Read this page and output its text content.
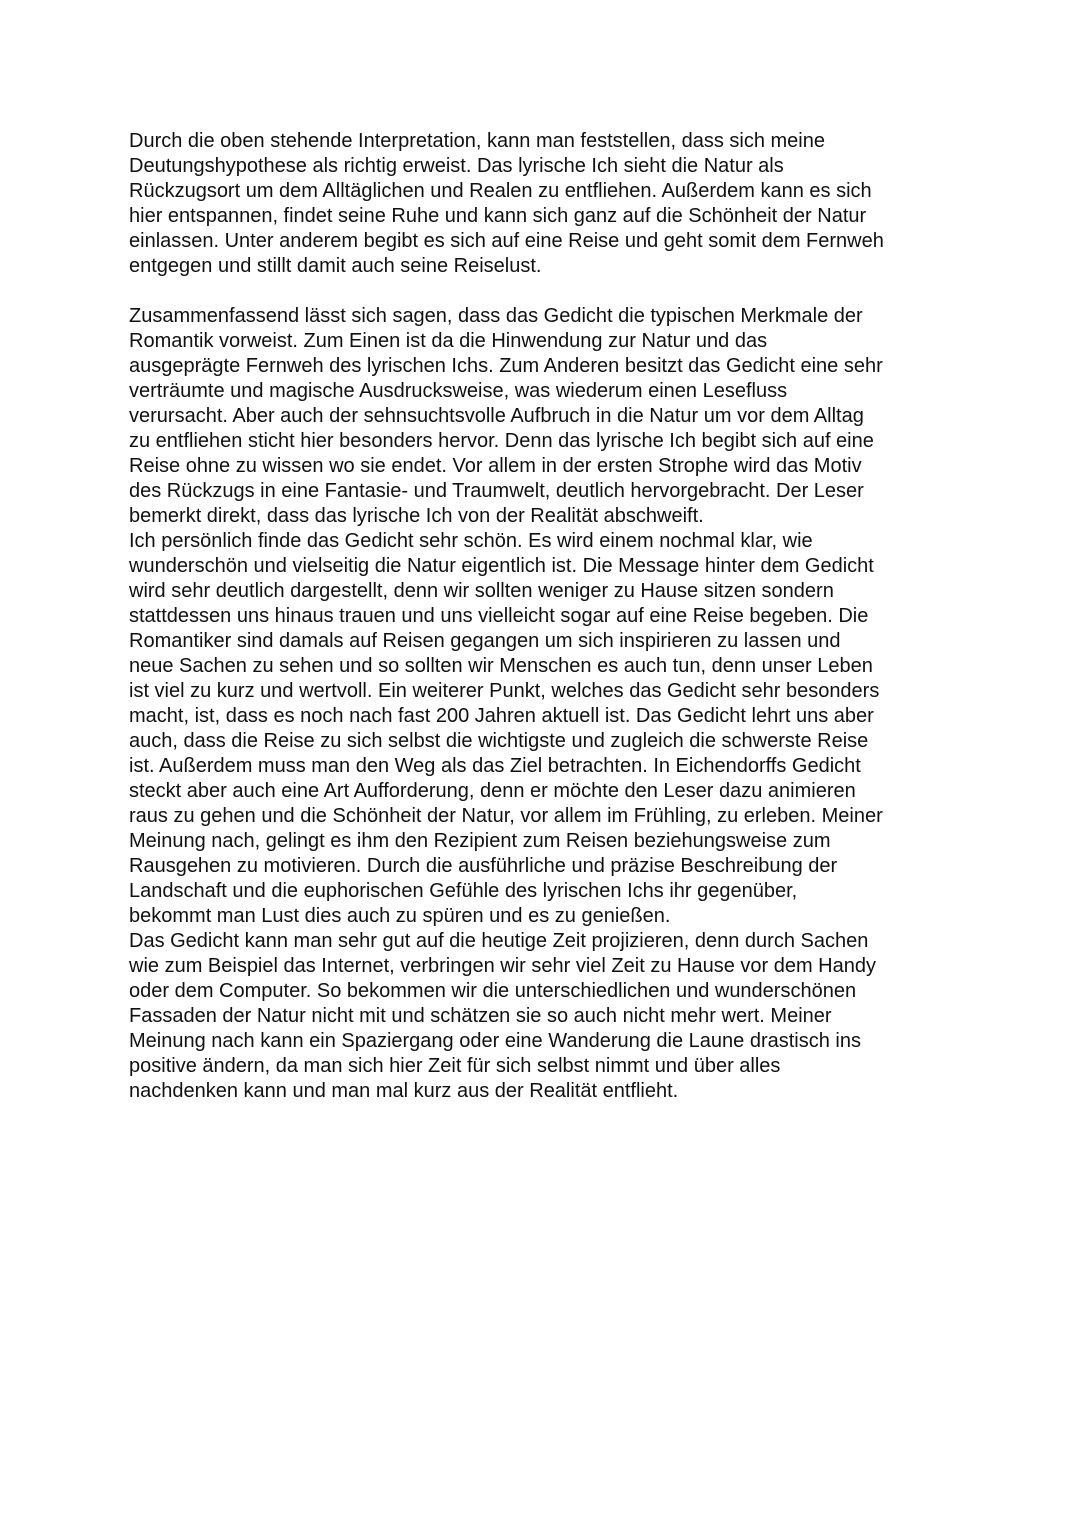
Durch die oben stehende Interpretation, kann man feststellen, dass sich meine
Deutungshypothese als richtig erweist. Das lyrische Ich sieht die Natur als
Rückzugsort um dem Alltäglichen und Realen zu entfliehen. Außerdem kann es sich
hier entspannen, findet seine Ruhe und kann sich ganz auf die Schönheit der Natur
einlassen. Unter anderem begibt es sich auf eine Reise und geht somit dem Fernweh
entgegen und stillt damit auch seine Reiselust.
Zusammenfassend lässt sich sagen, dass das Gedicht die typischen Merkmale der
Romantik vorweist. Zum Einen ist da die Hinwendung zur Natur und das
ausgeprägte Fernweh des lyrischen Ichs. Zum Anderen besitzt das Gedicht eine sehr
verträumte und magische Ausdrucksweise, was wiederum einen Lesefluss
verursacht. Aber auch der sehnsuchtsvolle Aufbruch in die Natur um vor dem Alltag
zu entfliehen sticht hier besonders hervor. Denn das lyrische Ich begibt sich auf eine
Reise ohne zu wissen wo sie endet. Vor allem in der ersten Strophe wird das Motiv
des Rückzugs in eine Fantasie- und Traumwelt, deutlich hervorgebracht. Der Leser
bemerkt direkt, dass das lyrische Ich von der Realität abschweift.
Ich persönlich finde das Gedicht sehr schön. Es wird einem nochmal klar, wie
wunderschön und vielseitig die Natur eigentlich ist. Die Message hinter dem Gedicht
wird sehr deutlich dargestellt, denn wir sollten weniger zu Hause sitzen sondern
stattdessen uns hinaus trauen und uns vielleicht sogar auf eine Reise begeben. Die
Romantiker sind damals auf Reisen gegangen um sich inspirieren zu lassen und
neue Sachen zu sehen und so sollten wir Menschen es auch tun, denn unser Leben
ist viel zu kurz und wertvoll. Ein weiterer Punkt, welches das Gedicht sehr besonders
macht, ist, dass es noch nach fast 200 Jahren aktuell ist. Das Gedicht lehrt uns aber
auch, dass die Reise zu sich selbst die wichtigste und zugleich die schwerste Reise
ist. Außerdem muss man den Weg als das Ziel betrachten. In Eichendorffs Gedicht
steckt aber auch eine Art Aufforderung, denn er möchte den Leser dazu animieren
raus zu gehen und die Schönheit der Natur, vor allem im Frühling, zu erleben. Meiner
Meinung nach, gelingt es ihm den Rezipient zum Reisen beziehungsweise zum
Rausgehen zu motivieren. Durch die ausführliche und präzise Beschreibung der
Landschaft und die euphorischen Gefühle des lyrischen Ichs ihr gegenüber,
bekommt man Lust dies auch zu spüren und es zu genießen.
Das Gedicht kann man sehr gut auf die heutige Zeit projizieren, denn durch Sachen
wie zum Beispiel das Internet, verbringen wir sehr viel Zeit zu Hause vor dem Handy
oder dem Computer. So bekommen wir die unterschiedlichen und wunderschönen
Fassaden der Natur nicht mit und schätzen sie so auch nicht mehr wert. Meiner
Meinung nach kann ein Spaziergang oder eine Wanderung die Laune drastisch ins
positive ändern, da man sich hier Zeit für sich selbst nimmt und über alles
nachdenken kann und man mal kurz aus der Realität entflieht.
